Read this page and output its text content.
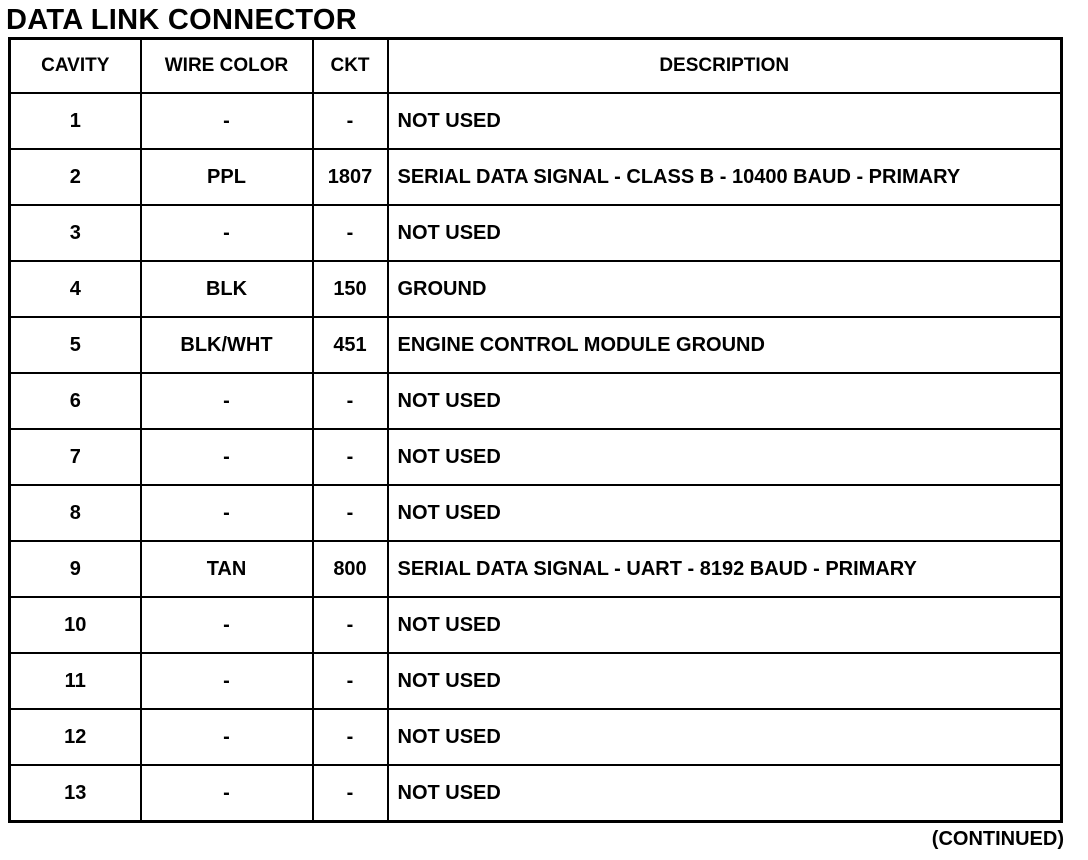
DATA LINK CONNECTOR
CAVITY	WIRE COLOR	CKT	DESCRIPTION
1	-	-	NOT USED
2	PPL	1807	SERIAL DATA SIGNAL - CLASS B - 10400 BAUD - PRIMARY
3	-	-	NOT USED
4	BLK	150	GROUND
5	BLK/WHT	451	ENGINE CONTROL MODULE GROUND
6	-	-	NOT USED
7	-	-	NOT USED
8	-	-	NOT USED
9	TAN	800	SERIAL DATA SIGNAL - UART - 8192 BAUD - PRIMARY
10	-	-	NOT USED
11	-	-	NOT USED
12	-	-	NOT USED
13	-	-	NOT USED
(CONTINUED)
